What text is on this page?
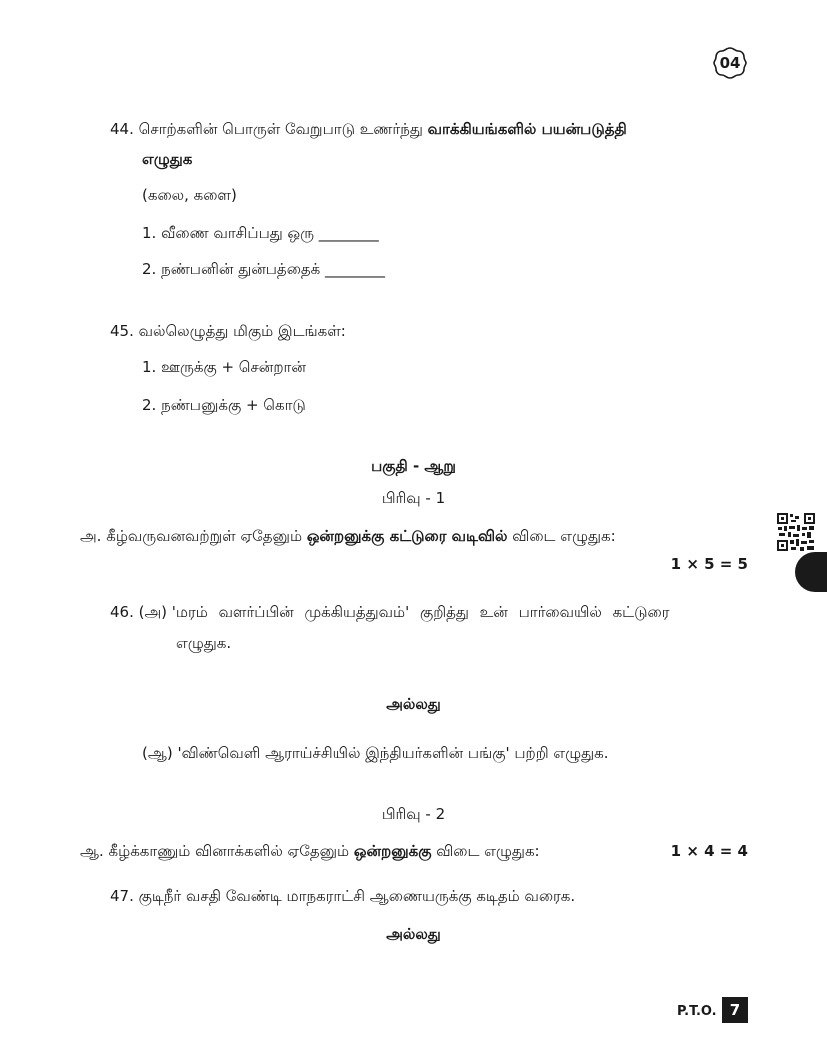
04
44. சொற்களின் பொருள் வேறுபாடு உணர்ந்து வாக்கியங்களில் பயன்படுத்தி
எழுதுக
(கலை, களை)
1. வீணை வாசிப்பது ஒரு ________
2. நண்பனின் துன்பத்தைக் ________
45. வல்லெழுத்து மிகும் இடங்கள்:
1. ஊருக்கு + சென்றான்
2. நண்பனுக்கு + கொடு
பகுதி - ஆறு
பிரிவு - 1
அ. கீழ்வருவனவற்றுள் ஏதேனும் ஒன்றனுக்கு கட்டுரை வடிவில் விடை எழுதுக:
1 × 5 = 5
46. (அ) 'மரம் வளர்ப்பின் முக்கியத்துவம்' குறித்து உன் பார்வையில் கட்டுரை
எழுதுக.
அல்லது
(ஆ) 'விண்வெளி ஆராய்ச்சியில் இந்தியர்களின் பங்கு' பற்றி எழுதுக.
பிரிவு - 2
ஆ. கீழ்க்காணும் வினாக்களில் ஏதேனும் ஒன்றனுக்கு விடை எழுதுக:	1 × 4 = 4
47. குடிநீர் வசதி வேண்டி மாநகராட்சி ஆணையருக்கு கடிதம் வரைக.
அல்லது
P.T.O. 7
